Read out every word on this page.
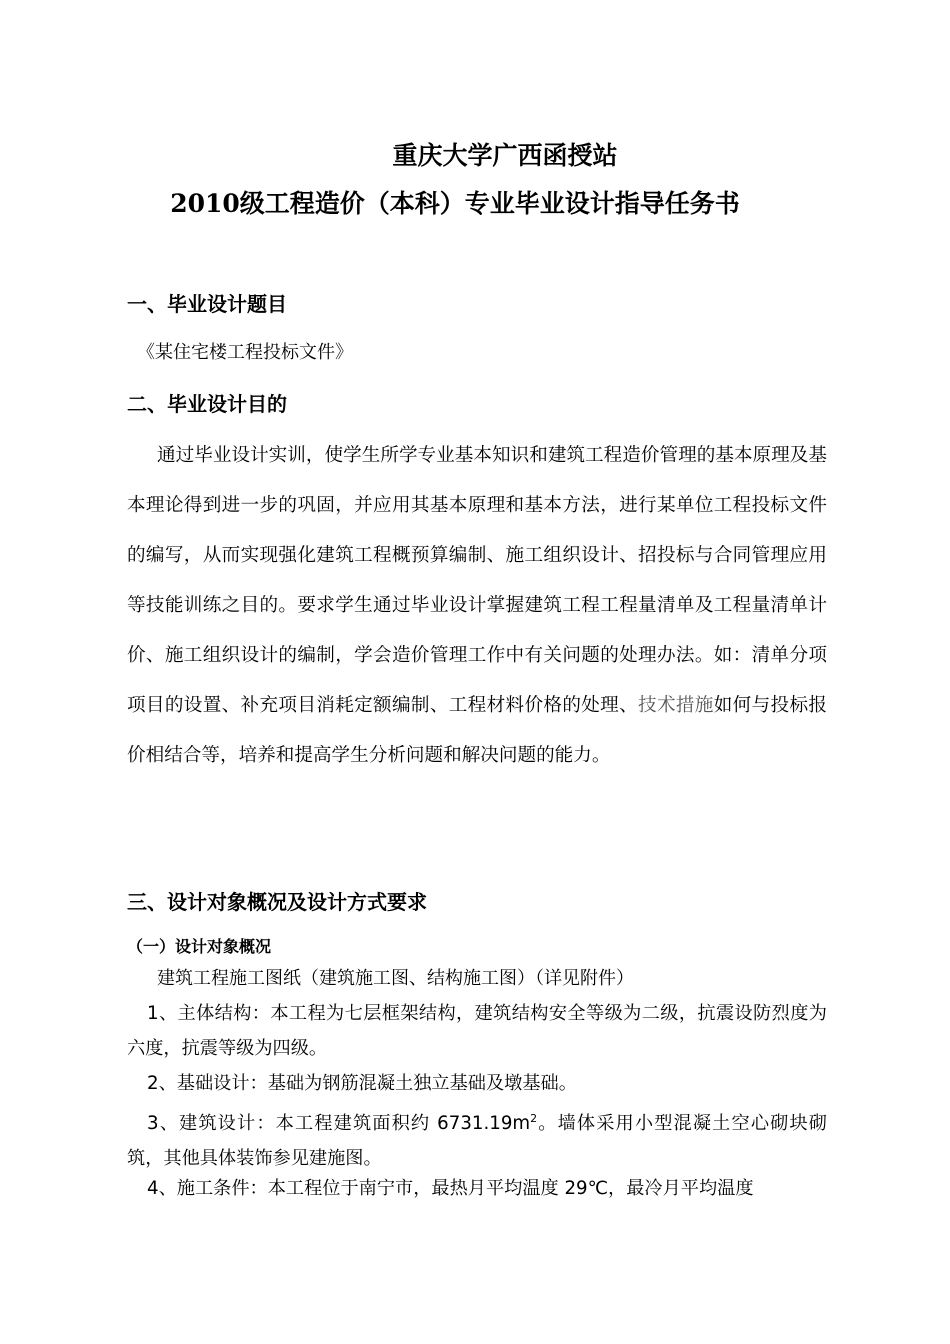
重庆大学广西函授站
2010级工程造价（本科）专业毕业设计指导任务书
一、毕业设计题目
《某住宅楼工程投标文件》
二、毕业设计目的

通过毕业设计实训，使学生所学专业基本知识和建筑工程造价管理的基本原理及基本理论得到进一步的巩固，并应用其基本原理和基本方法，进行某单位工程投标文件的编写，从而实现强化建筑工程概预算编制、施工组织设计、招投标与合同管理应用等技能训练之目的。要求学生通过毕业设计掌握建筑工程工程量清单及工程量清单计价、施工组织设计的编制，学会造价管理工作中有关问题的处理办法。如：清单分项项目的设置、补充项目消耗定额编制、工程材料价格的处理、技术措施如何与投标报价相结合等，培养和提高学生分析问题和解决问题的能力。

三、设计对象概况及设计方式要求
（一）设计对象概况
建筑工程施工图纸（建筑施工图、结构施工图）（详见附件）

1、主体结构：本工程为七层框架结构，建筑结构安全等级为二级，抗震设防烈度为六度，抗震等级为四级。

2、基础设计：基础为钢筋混凝土独立基础及墩基础。

3、建筑设计：本工程建筑面积约 $6731.19m^2$。墙体采用小型混凝土空心砌块砌筑，其他具体装饰参见建施图。

4、施工条件：本工程位于南宁市，最热月平均温度 29℃，最冷月平均温度
